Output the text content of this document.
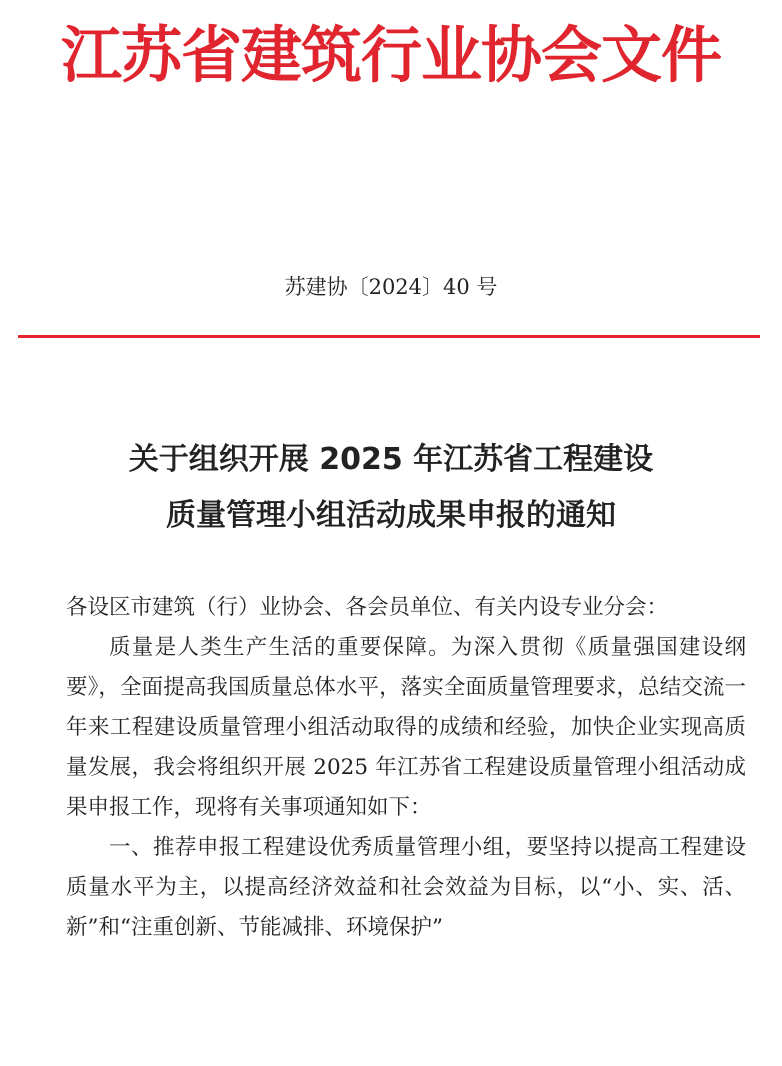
江苏省建筑行业协会文件
苏建协〔2024〕40 号
关于组织开展 2025 年江苏省工程建设
质量管理小组活动成果申报的通知

各设区市建筑（行）业协会、各会员单位、有关内设专业分会：

质量是人类生产生活的重要保障。为深入贯彻《质量强国建设纲要》，全面提高我国质量总体水平，落实全面质量管理要求，总结交流一年来工程建设质量管理小组活动取得的成绩和经验，加快企业实现高质量发展，我会将组织开展 2025 年江苏省工程建设质量管理小组活动成果申报工作，现将有关事项通知如下：

一、推荐申报工程建设优秀质量管理小组，要坚持以提高工程建设质量水平为主，以提高经济效益和社会效益为目标，以“小、实、活、新”和“注重创新、节能减排、环境保护”
